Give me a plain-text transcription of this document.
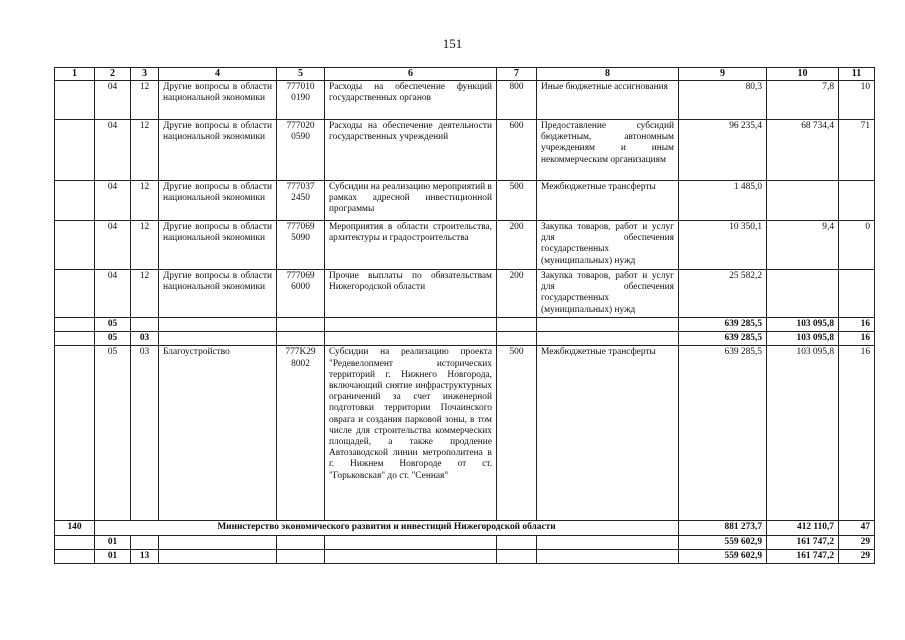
151
1	2	3	4	5	6	7	8	9	10	11
	04	12	Другие вопросы в области национальной экономики	777010 0190	Расходы на обеспечение функций государственных органов	800	Иные бюджетные ассигнования	80,3	7,8	10
	04	12	Другие вопросы в области национальной экономики	777020 0590	Расходы на обеспечение деятельности государственных учреждений	600	Предоставление субсидий бюджетным, автономным учреждениям и иным некоммерческим организациям	96 235,4	68 734,4	71
	04	12	Другие вопросы в области национальной экономики	777037 2450	Субсидии на реализацию мероприятий в рамках адресной инвестиционной программы	500	Межбюджетные трансферты	1 485,0		
	04	12	Другие вопросы в области национальной экономики	777069 5090	Мероприятия в области строительства, архитектуры и градостроительства	200	Закупка товаров, работ и услуг для обеспечения государственных (муниципальных) нужд	10 350,1	9,4	0
	04	12	Другие вопросы в области национальной экономики	777069 6000	Прочие выплаты по обязательствам Нижегородской области	200	Закупка товаров, работ и услуг для обеспечения государственных (муниципальных) нужд	25 582,2		
	05							639 285,5	103 095,8	16
	05	03						639 285,5	103 095,8	16
	05	03	Благоустройство	777K29 8002	Субсидии на реализацию проекта "Редевелопмент исторических территорий г. Нижнего Новгорода, включающий снятие инфраструктурных ограничений за счет инженерной подготовки территории Почаинского оврага и создания парковой зоны, в том числе для строительства коммерческих площадей, а также продление Автозаводской линии метрополитена в г. Нижнем Новгороде от ст. "Горьковская" до ст. "Сенная"	500	Межбюджетные трансферты	639 285,5	103 095,8	16
140	Министерство экономического развития и инвестиций Нижегородской области							881 273,7	412 110,7	47
	01							559 602,9	161 747,2	29
	01	13						559 602,9	161 747,2	29
